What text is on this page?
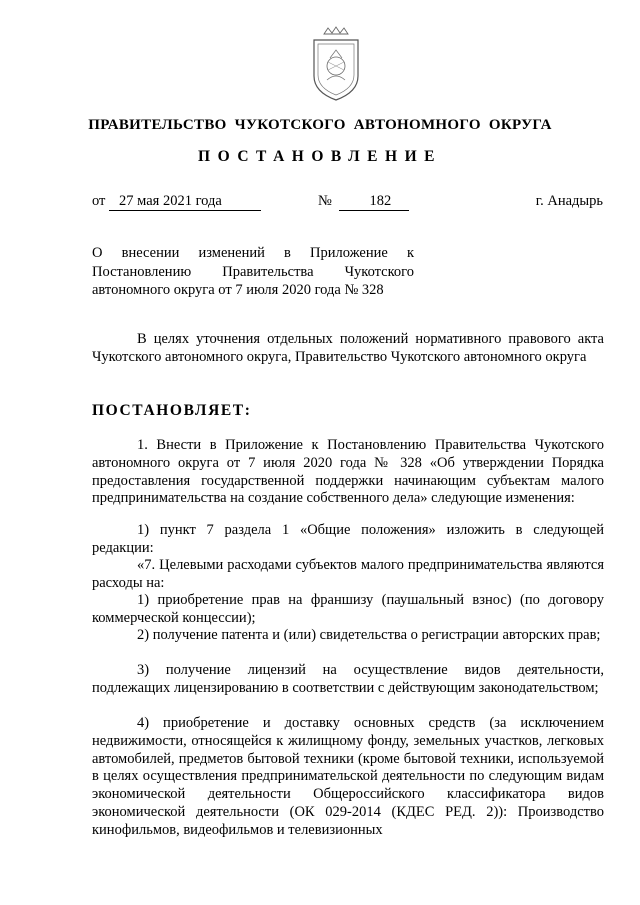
ПРАВИТЕЛЬСТВО ЧУКОТСКОГО АВТОНОМНОГО ОКРУГА
ПОСТАНОВЛЕНИЕ
от 27 мая 2021 года	№	182	г. Анадырь

О внесении изменений в Приложение к
Постановлению Правительства Чукотского
автономного округа от 7 июля 2020 года № 328

В целях уточнения отдельных положений нормативного правового акта Чукотского автономного округа, Правительство Чукотского автономного округа

ПОСТАНОВЛЯЕТ:

1. Внести в Приложение к Постановлению Правительства Чукотского автономного округа от 7 июля 2020 года № 328 «Об утверждении Порядка предоставления государственной поддержки начинающим субъектам малого предпринимательства на создание собственного дела» следующие изменения:

1) пункт 7 раздела 1 «Общие положения» изложить в следующей редакции:

«7. Целевыми расходами субъектов малого предпринимательства являются расходы на:

1) приобретение прав на франшизу (паушальный взнос) (по договору коммерческой концессии);

2) получение патента и (или) свидетельства о регистрации авторских прав;

3) получение лицензий на осуществление видов деятельности, подлежащих лицензированию в соответствии с действующим законодательством;

4) приобретение и доставку основных средств (за исключением недвижимости, относящейся к жилищному фонду, земельных участков, легковых автомобилей, предметов бытовой техники (кроме бытовой техники, используемой в целях осуществления предпринимательской деятельности по следующим видам экономической деятельности Общероссийского классификатора видов экономической деятельности (ОК 029-2014 (КДЕС РЕД. 2)): Производство кинофильмов, видеофильмов и телевизионных
